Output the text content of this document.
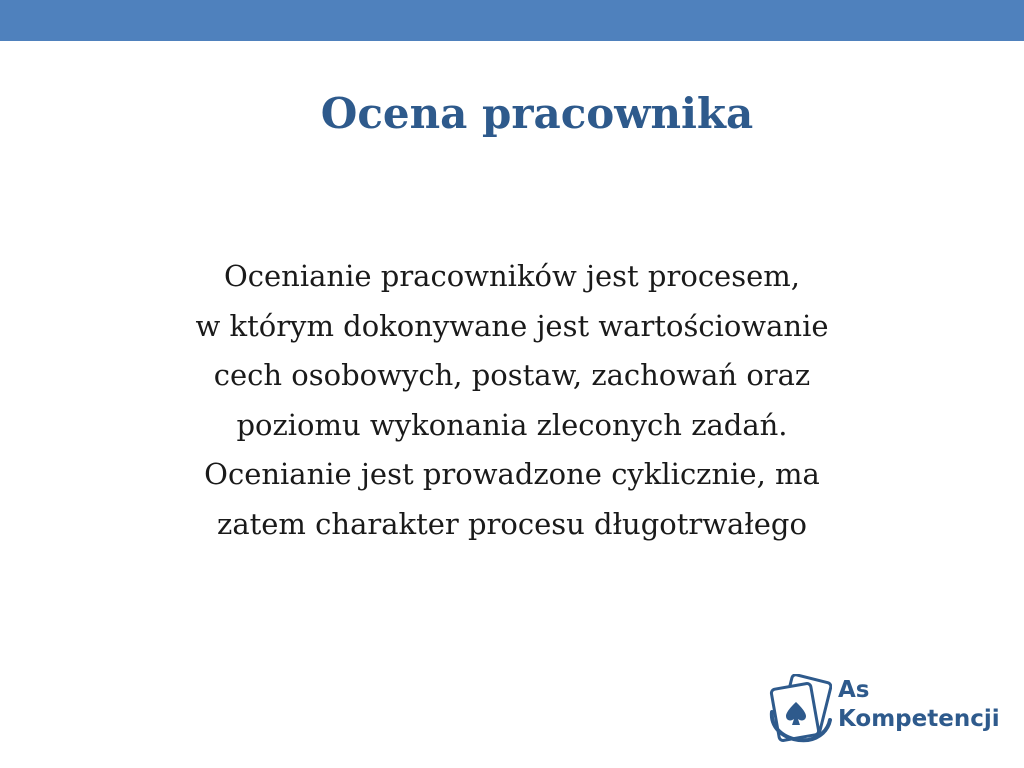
Ocena pracownika
Ocenianie pracowników jest procesem,
w którym dokonywane jest wartościowanie
cech osobowych, postaw, zachowań oraz
poziomu wykonania zleconych zadań.
Ocenianie jest prowadzone cyklicznie, ma
zatem charakter procesu długotrwałego
As
Kompetencji
